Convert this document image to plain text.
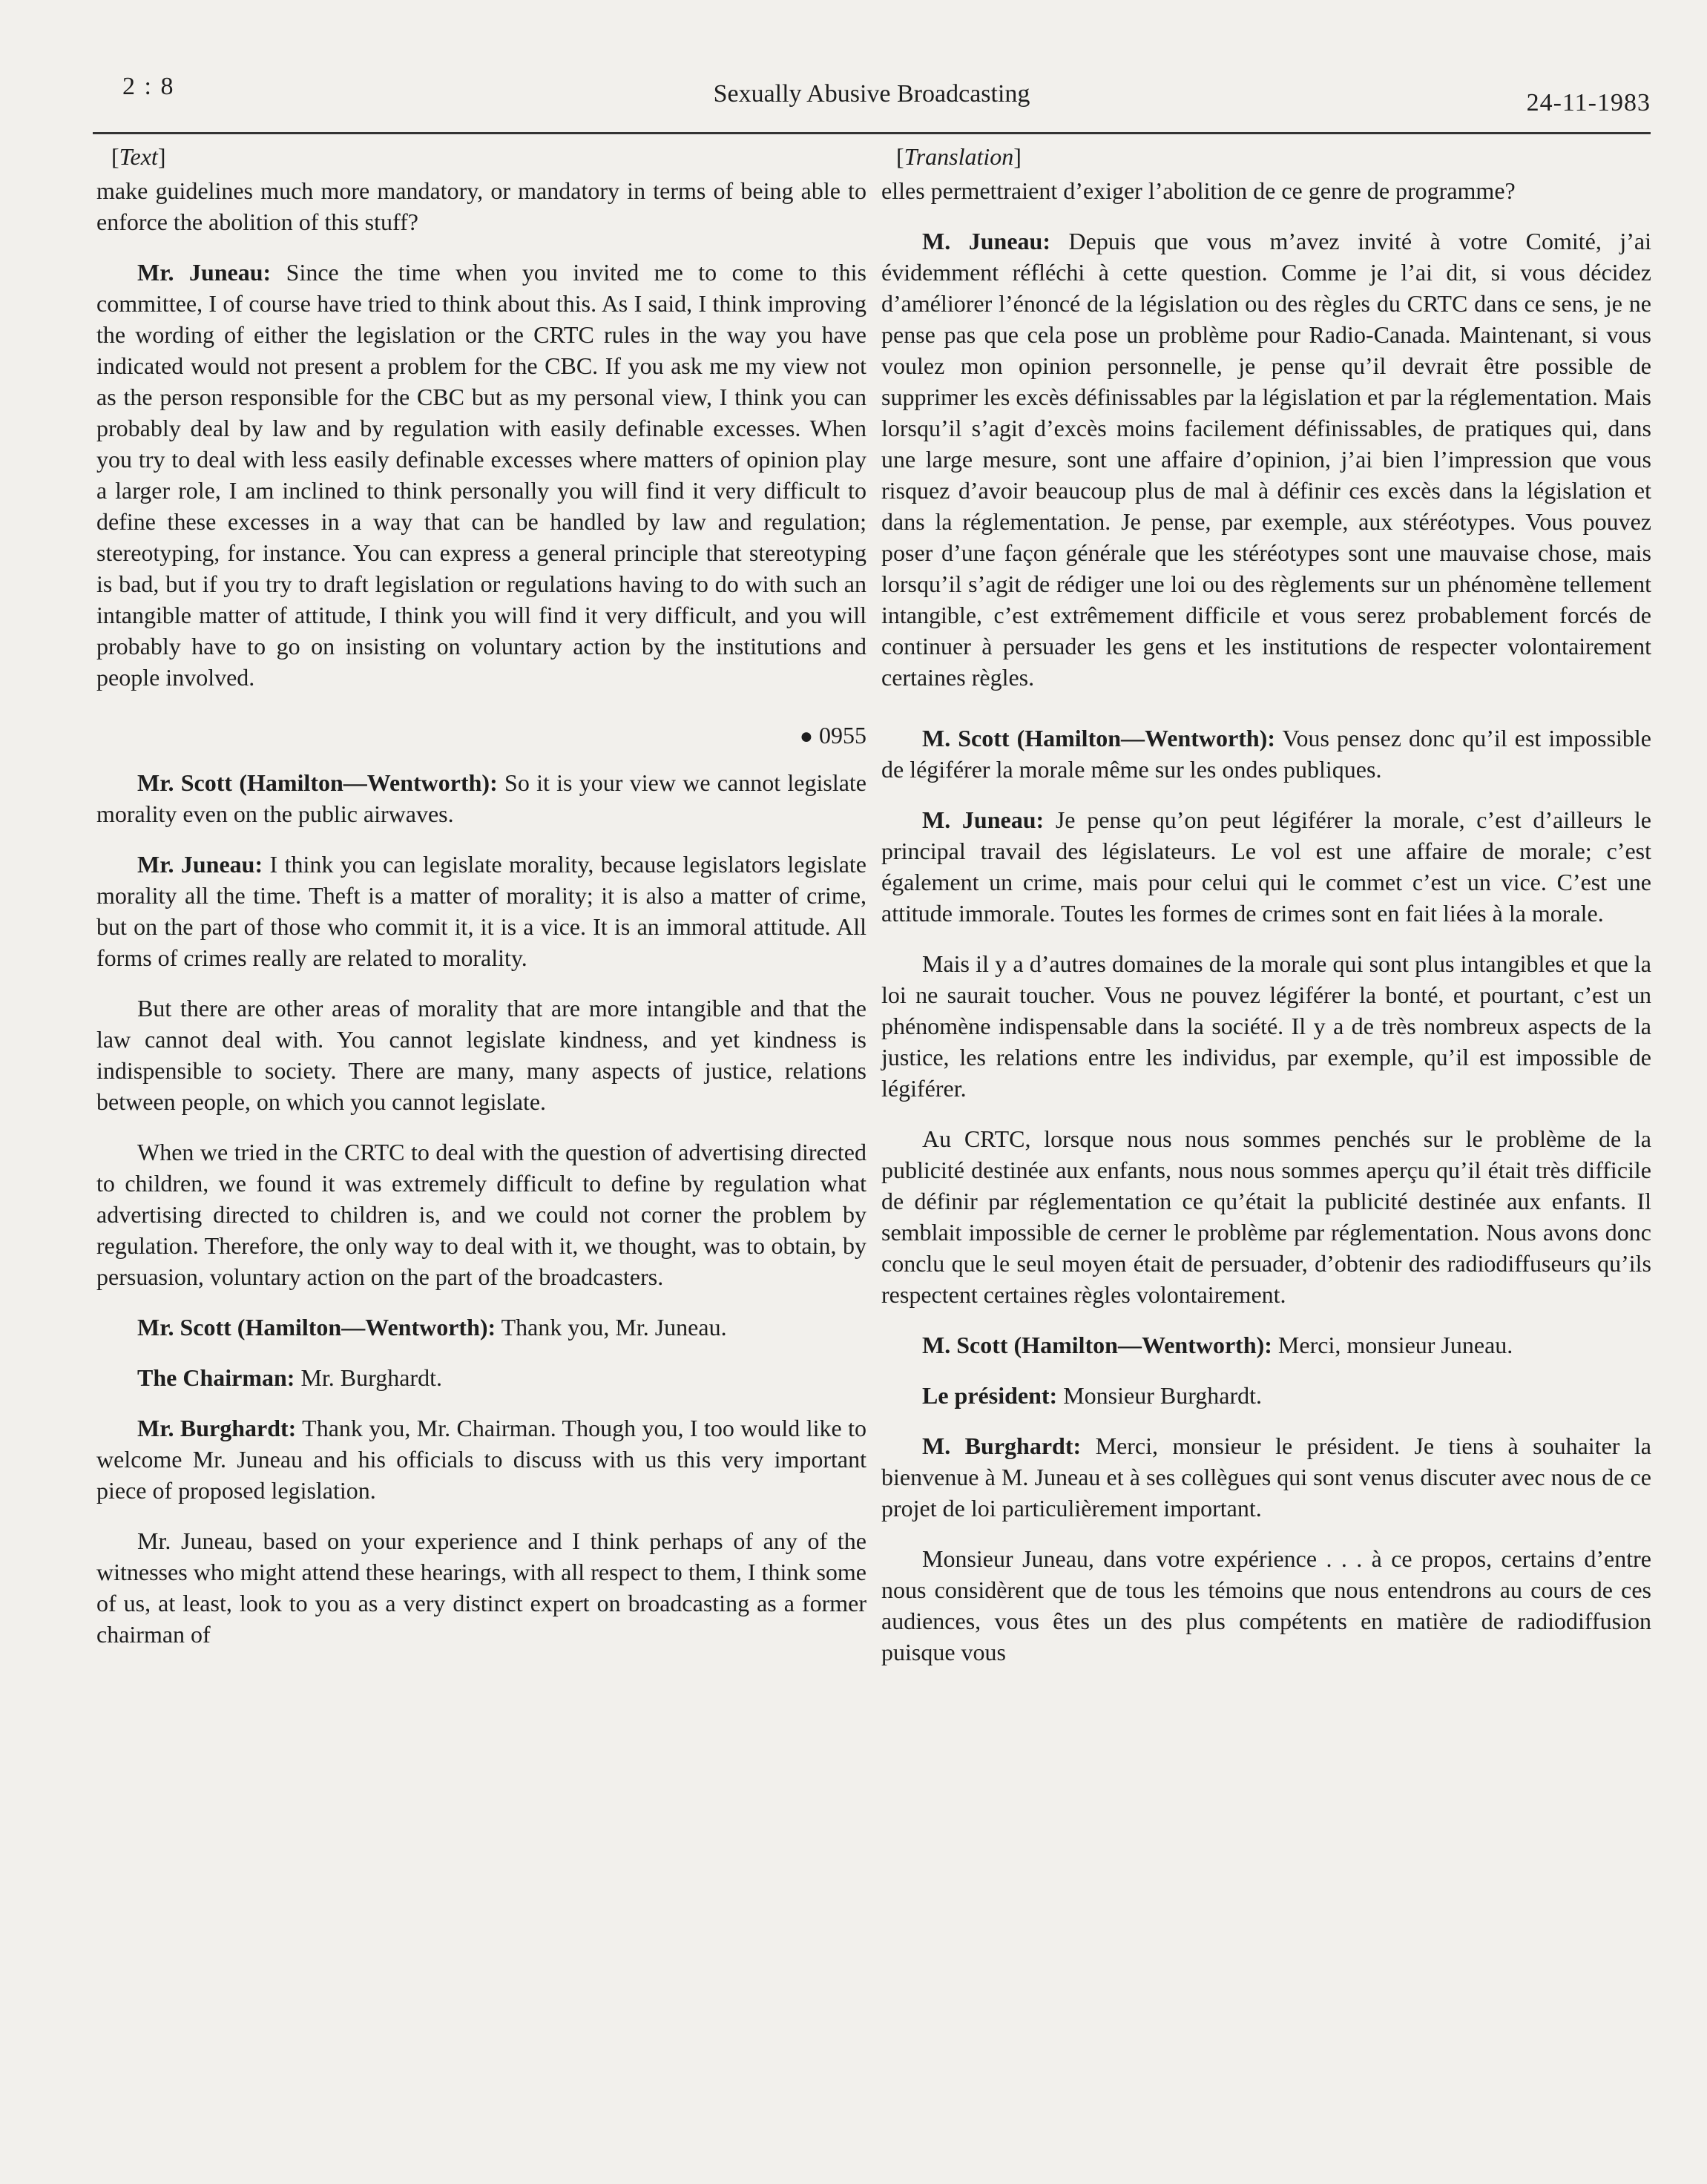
2 : 8	Sexually Abusive Broadcasting	24-11-1983
[Text]

make guidelines much more mandatory, or mandatory in terms of being able to enforce the abolition of this stuff?

Mr. Juneau: Since the time when you invited me to come to this committee, I of course have tried to think about this. As I said, I think improving the wording of either the legislation or the CRTC rules in the way you have indicated would not present a problem for the CBC. If you ask me my view not as the person responsible for the CBC but as my personal view, I think you can probably deal by law and by regulation with easily definable excesses. When you try to deal with less easily definable excesses where matters of opinion play a larger role, I am inclined to think personally you will find it very difficult to define these excesses in a way that can be handled by law and regulation; stereotyping, for instance. You can express a general principle that stereotyping is bad, but if you try to draft legislation or regulations having to do with such an intangible matter of attitude, I think you will find it very difficult, and you will probably have to go on insisting on voluntary action by the institutions and people involved.

● 0955

Mr. Scott (Hamilton—Wentworth): So it is your view we cannot legislate morality even on the public airwaves.

Mr. Juneau: I think you can legislate morality, because legislators legislate morality all the time. Theft is a matter of morality; it is also a matter of crime, but on the part of those who commit it, it is a vice. It is an immoral attitude. All forms of crimes really are related to morality.

But there are other areas of morality that are more intangible and that the law cannot deal with. You cannot legislate kindness, and yet kindness is indispensible to society. There are many, many aspects of justice, relations between people, on which you cannot legislate.

When we tried in the CRTC to deal with the question of advertising directed to children, we found it was extremely difficult to define by regulation what advertising directed to children is, and we could not corner the problem by regulation. Therefore, the only way to deal with it, we thought, was to obtain, by persuasion, voluntary action on the part of the broadcasters.

Mr. Scott (Hamilton—Wentworth): Thank you, Mr. Juneau.

The Chairman: Mr. Burghardt.

Mr. Burghardt: Thank you, Mr. Chairman. Though you, I too would like to welcome Mr. Juneau and his officials to discuss with us this very important piece of proposed legislation.

Mr. Juneau, based on your experience and I think perhaps of any of the witnesses who might attend these hearings, with all respect to them, I think some of us, at least, look to you as a very distinct expert on broadcasting as a former chairman of

[Translation]

elles permettraient d’exiger l’abolition de ce genre de programme?

M. Juneau: Depuis que vous m’avez invité à votre Comité, j’ai évidemment réfléchi à cette question. Comme je l’ai dit, si vous décidez d’améliorer l’énoncé de la législation ou des règles du CRTC dans ce sens, je ne pense pas que cela pose un problème pour Radio-Canada. Maintenant, si vous voulez mon opinion personnelle, je pense qu’il devrait être possible de supprimer les excès définissables par la législation et par la réglementation. Mais lorsqu’il s’agit d’excès moins facilement définissables, de pratiques qui, dans une large mesure, sont une affaire d’opinion, j’ai bien l’impression que vous risquez d’avoir beaucoup plus de mal à définir ces excès dans la législation et dans la réglementation. Je pense, par exemple, aux stéréotypes. Vous pouvez poser d’une façon générale que les stéréotypes sont une mauvaise chose, mais lorsqu’il s’agit de rédiger une loi ou des règlements sur un phénomène tellement intangible, c’est extrêmement difficile et vous serez probablement forcés de continuer à persuader les gens et les institutions de respecter volontairement certaines règles.

M. Scott (Hamilton—Wentworth): Vous pensez donc qu’il est impossible de légiférer la morale même sur les ondes publiques.

M. Juneau: Je pense qu’on peut légiférer la morale, c’est d’ailleurs le principal travail des législateurs. Le vol est une affaire de morale; c’est également un crime, mais pour celui qui le commet c’est un vice. C’est une attitude immorale. Toutes les formes de crimes sont en fait liées à la morale.

Mais il y a d’autres domaines de la morale qui sont plus intangibles et que la loi ne saurait toucher. Vous ne pouvez légiférer la bonté, et pourtant, c’est un phénomène indispensable dans la société. Il y a de très nombreux aspects de la justice, les relations entre les individus, par exemple, qu’il est impossible de légiférer.

Au CRTC, lorsque nous nous sommes penchés sur le problème de la publicité destinée aux enfants, nous nous sommes aperçu qu’il était très difficile de définir par réglementation ce qu’était la publicité destinée aux enfants. Il semblait impossible de cerner le problème par réglementation. Nous avons donc conclu que le seul moyen était de persuader, d’obtenir des radiodiffuseurs qu’ils respectent certaines règles volontairement.

M. Scott (Hamilton—Wentworth): Merci, monsieur Juneau.

Le président: Monsieur Burghardt.

M. Burghardt: Merci, monsieur le président. Je tiens à souhaiter la bienvenue à M. Juneau et à ses collègues qui sont venus discuter avec nous de ce projet de loi particulièrement important.

Monsieur Juneau, dans votre expérience . . . à ce propos, certains d’entre nous considèrent que de tous les témoins que nous entendrons au cours de ces audiences, vous êtes un des plus compétents en matière de radiodiffusion puisque vous
